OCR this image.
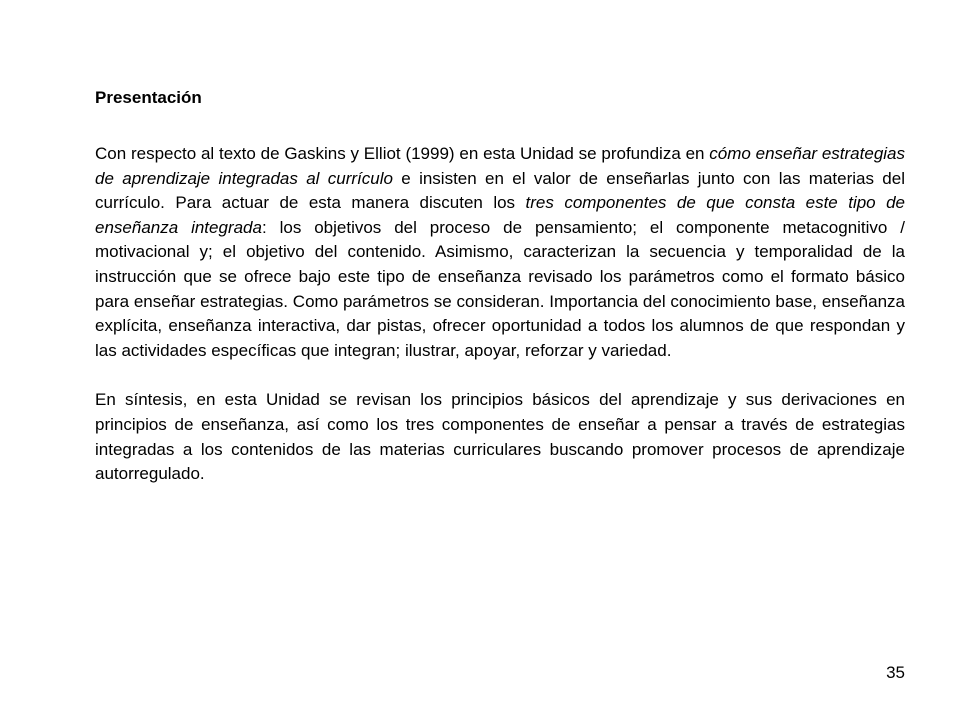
Presentación

Con respecto al texto de Gaskins y Elliot (1999) en esta Unidad se profundiza en cómo enseñar estrategias de aprendizaje integradas al currículo e insisten en el valor de enseñarlas junto con las materias del currículo. Para actuar de esta manera discuten los tres componentes de que consta este tipo de enseñanza integrada: los objetivos del proceso de pensamiento; el componente metacognitivo / motivacional y; el objetivo del contenido. Asimismo, caracterizan la secuencia y temporalidad de la instrucción que se ofrece bajo este tipo de enseñanza revisado los parámetros como el formato básico para enseñar estrategias. Como parámetros se consideran. Importancia del conocimiento base, enseñanza explícita, enseñanza interactiva, dar pistas, ofrecer oportunidad a todos los alumnos de que respondan y las actividades específicas que integran; ilustrar, apoyar, reforzar y variedad.

En síntesis, en esta Unidad se revisan los principios básicos del aprendizaje y sus derivaciones en principios de enseñanza, así como los tres componentes de enseñar a pensar a través de estrategias integradas a los contenidos de las materias curriculares buscando promover procesos de aprendizaje autorregulado.

35
